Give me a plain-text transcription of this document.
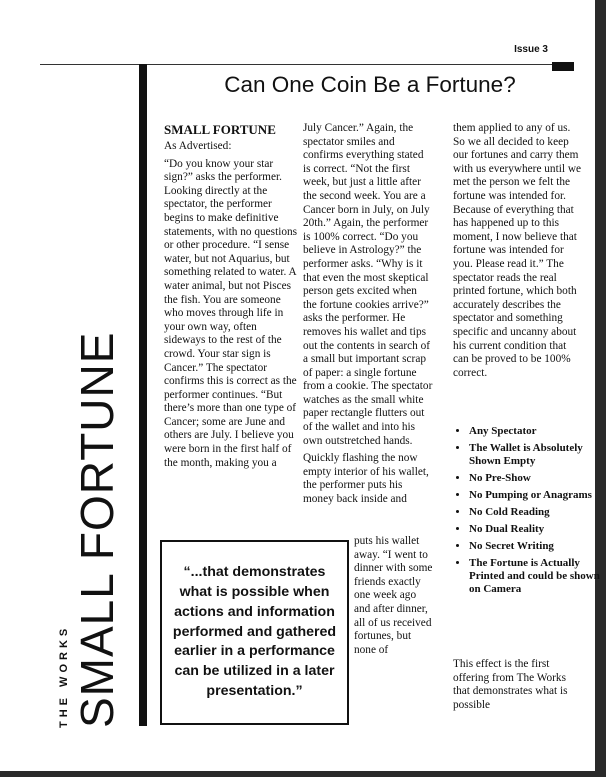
Issue 3
THE WORKS SMALL FORTUNE
Can One Coin Be a Fortune?
SMALL FORTUNE

As Advertised:

“Do you know your star sign?” asks the performer. Looking directly at the spectator, the performer begins to make definitive statements, with no questions or other procedure. “I sense water, but not Aquarius, but something related to water. A water animal, but not Pisces the fish. You are someone who moves through life in your own way, often sideways to the rest of the crowd. Your star sign is Cancer.” The spectator confirms this is correct as the performer continues. “But there’s more than one type of Cancer; some are June and others are July. I believe you were born in the first half of the month, making you a

July Cancer.” Again, the spectator smiles and confirms everything stated is correct. “Not the first week, but just a little after the second week. You are a Cancer born in July, on July 20th.” Again, the performer is 100% correct. “Do you believe in Astrology?” the performer asks. “Why is it that even the most skeptical person gets excited when the fortune cookies arrive?” asks the performer. He removes his wallet and tips out the contents in search of a small but important scrap of paper: a single fortune from a cookie. The spectator watches as the small white paper rectangle flutters out of the wallet and into his own outstretched hands.

Quickly flashing the now empty interior of his wallet, the performer puts his money back inside and

puts his wallet away. “I went to dinner with some friends exactly one week ago and after dinner, all of us received fortunes, but none of

“...that demonstrates what is possible when actions and information performed and gathered earlier in a performance can be utilized in a later presentation.”

them applied to any of us. So we all decided to keep our fortunes and carry them with us everywhere until we met the person we felt the fortune was intended for. Because of everything that has happened up to this moment, I now believe that fortune was intended for you. Please read it.” The spectator reads the real printed fortune, which both accurately describes the spectator and something specific and uncanny about his current condition that can be proved to be 100% correct.

• Any Spectator
• The Wallet is Absolutely Shown Empty
• No Pre-Show
• No Pumping or Anagrams
• No Cold Reading
• No Dual Reality
• No Secret Writing
• The Fortune is Actually Printed and could be shown on Camera

This effect is the first offering from The Works that demonstrates what is possible
